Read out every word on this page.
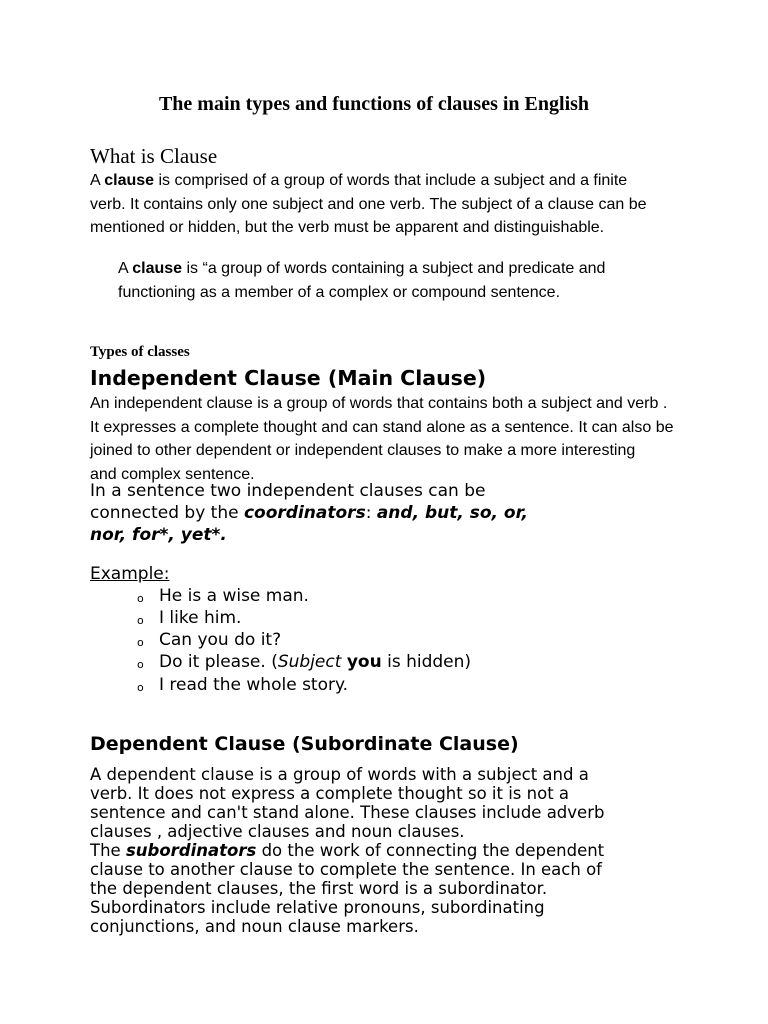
The main types and functions of clauses in English
What is Clause
A clause is comprised of a group of words that include a subject and a finite
verb. It contains only one subject and one verb. The subject of a clause can be
mentioned or hidden, but the verb must be apparent and distinguishable.
A clause is “a group of words containing a subject and predicate and
functioning as a member of a complex or compound sentence.
Types of classes
Independent Clause (Main Clause)
An independent clause is a group of words that contains both a subject and verb .
It expresses a complete thought and can stand alone as a sentence. It can also be
joined to other dependent or independent clauses to make a more interesting
and complex sentence.
In a sentence two independent clauses can be
connected by the coordinators: and, but, so, or,
nor, for*, yet*.
Example:
o He is a wise man.
o I like him.
o Can you do it?
o Do it please. (Subject you is hidden)
o I read the whole story.
Dependent Clause (Subordinate Clause)
A dependent clause is a group of words with a subject and a
verb. It does not express a complete thought so it is not a
sentence and can't stand alone. These clauses include adverb
clauses , adjective clauses and noun clauses.
The subordinators do the work of connecting the dependent
clause to another clause to complete the sentence. In each of
the dependent clauses, the first word is a subordinator.
Subordinators include relative pronouns, subordinating
conjunctions, and noun clause markers.
